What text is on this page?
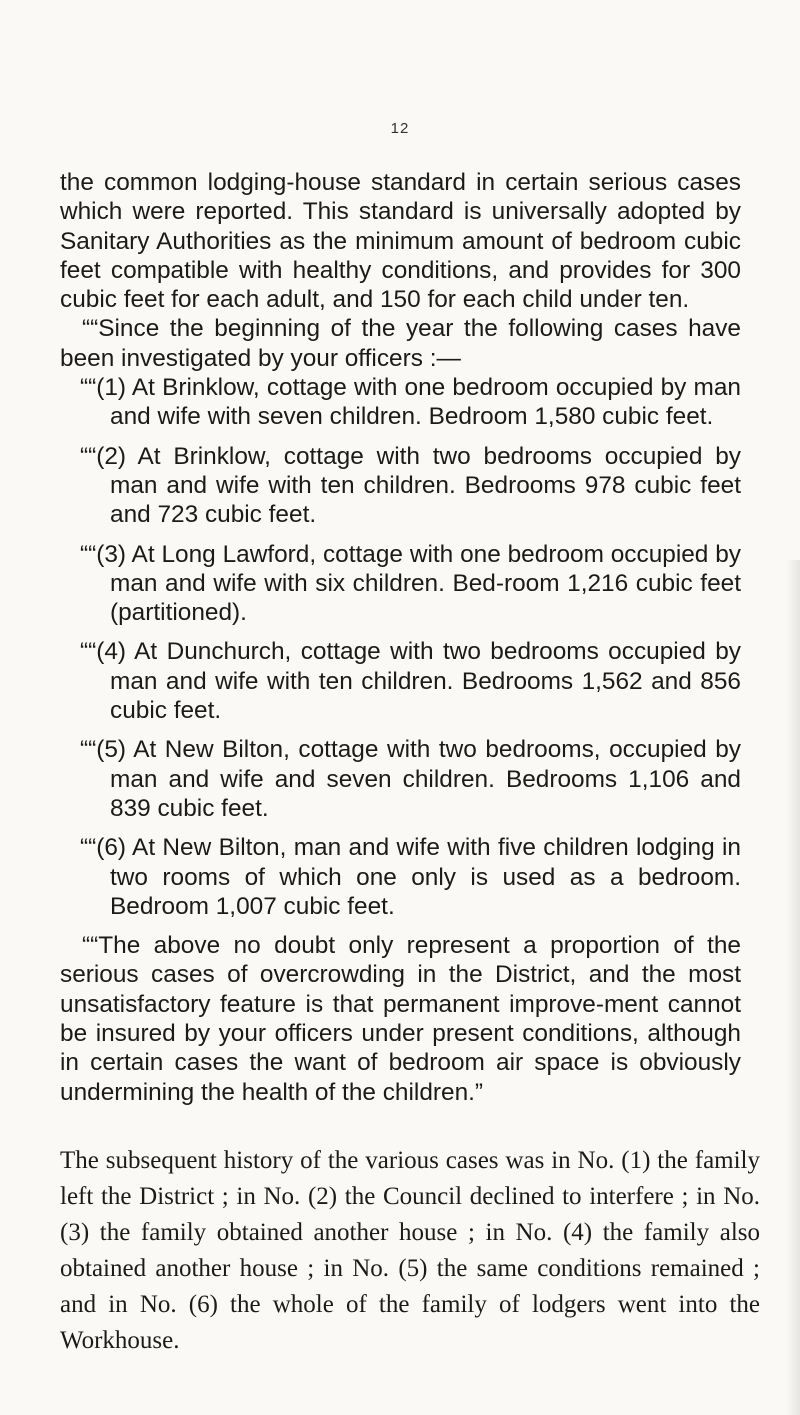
12

the common lodging-house standard in certain serious cases which were reported. This standard is universally adopted by Sanitary Authorities as the minimum amount of bedroom cubic feet compatible with healthy conditions, and provides for 300 cubic feet for each adult, and 150 for each child under ten.

““Since the beginning of the year the following cases have been investigated by your officers :—

““(1) At Brinklow, cottage with one bedroom occupied by man and wife with seven children. Bedroom 1,580 cubic feet.

““(2) At Brinklow, cottage with two bedrooms occupied by man and wife with ten children. Bedrooms 978 cubic feet and 723 cubic feet.

““(3) At Long Lawford, cottage with one bedroom occupied by man and wife with six children. Bed-room 1,216 cubic feet (partitioned).

““(4) At Dunchurch, cottage with two bedrooms occupied by man and wife with ten children. Bedrooms 1,562 and 856 cubic feet.

““(5) At New Bilton, cottage with two bedrooms, occupied by man and wife and seven children. Bedrooms 1,106 and 839 cubic feet.

““(6) At New Bilton, man and wife with five children lodging in two rooms of which one only is used as a bedroom. Bedroom 1,007 cubic feet.

““The above no doubt only represent a proportion of the serious cases of overcrowding in the District, and the most unsatisfactory feature is that permanent improve-ment cannot be insured by your officers under present conditions, although in certain cases the want of bedroom air space is obviously undermining the health of the children.”

The subsequent history of the various cases was in No. (1) the family left the District ; in No. (2) the Council declined to interfere ; in No. (3) the family obtained another house ; in No. (4) the family also obtained another house ; in No. (5) the same conditions remained ; and in No. (6) the whole of the family of lodgers went into the Workhouse.
